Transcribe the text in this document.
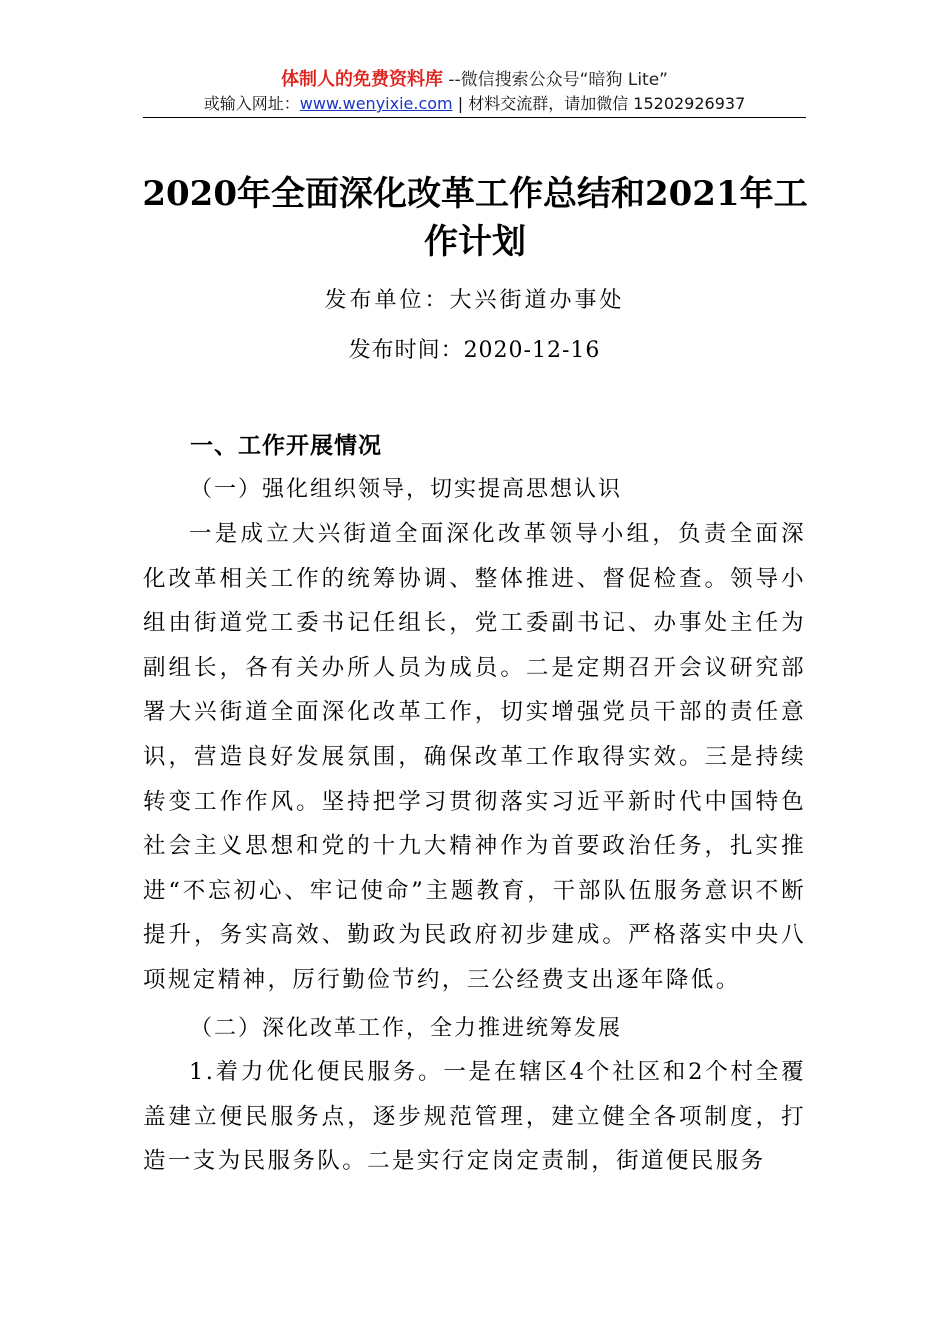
体制人的免费资料库 --微信搜索公众号“暗狗 Lite”
或输入网址：www.wenyixie.com | 材料交流群，请加微信 15202926937
2020年全面深化改革工作总结和2021年工作计划
发布单位：大兴街道办事处
发布时间：2020-12-16
一、工作开展情况
（一）强化组织领导，切实提高思想认识
一是成立大兴街道全面深化改革领导小组，负责全面深化改革相关工作的统筹协调、整体推进、督促检查。领导小组由街道党工委书记任组长，党工委副书记、办事处主任为副组长，各有关办所人员为成员。二是定期召开会议研究部署大兴街道全面深化改革工作，切实增强党员干部的责任意识，营造良好发展氛围，确保改革工作取得实效。三是持续转变工作作风。坚持把学习贯彻落实习近平新时代中国特色社会主义思想和党的十九大精神作为首要政治任务，扎实推进“不忘初心、牢记使命”主题教育，干部队伍服务意识不断提升，务实高效、勤政为民政府初步建成。严格落实中央八项规定精神，厉行勤俭节约，三公经费支出逐年降低。
（二）深化改革工作，全力推进统筹发展
1.着力优化便民服务。一是在辖区4个社区和2个村全覆盖建立便民服务点，逐步规范管理，建立健全各项制度，打造一支为民服务队。二是实行定岗定责制，街道便民服务
